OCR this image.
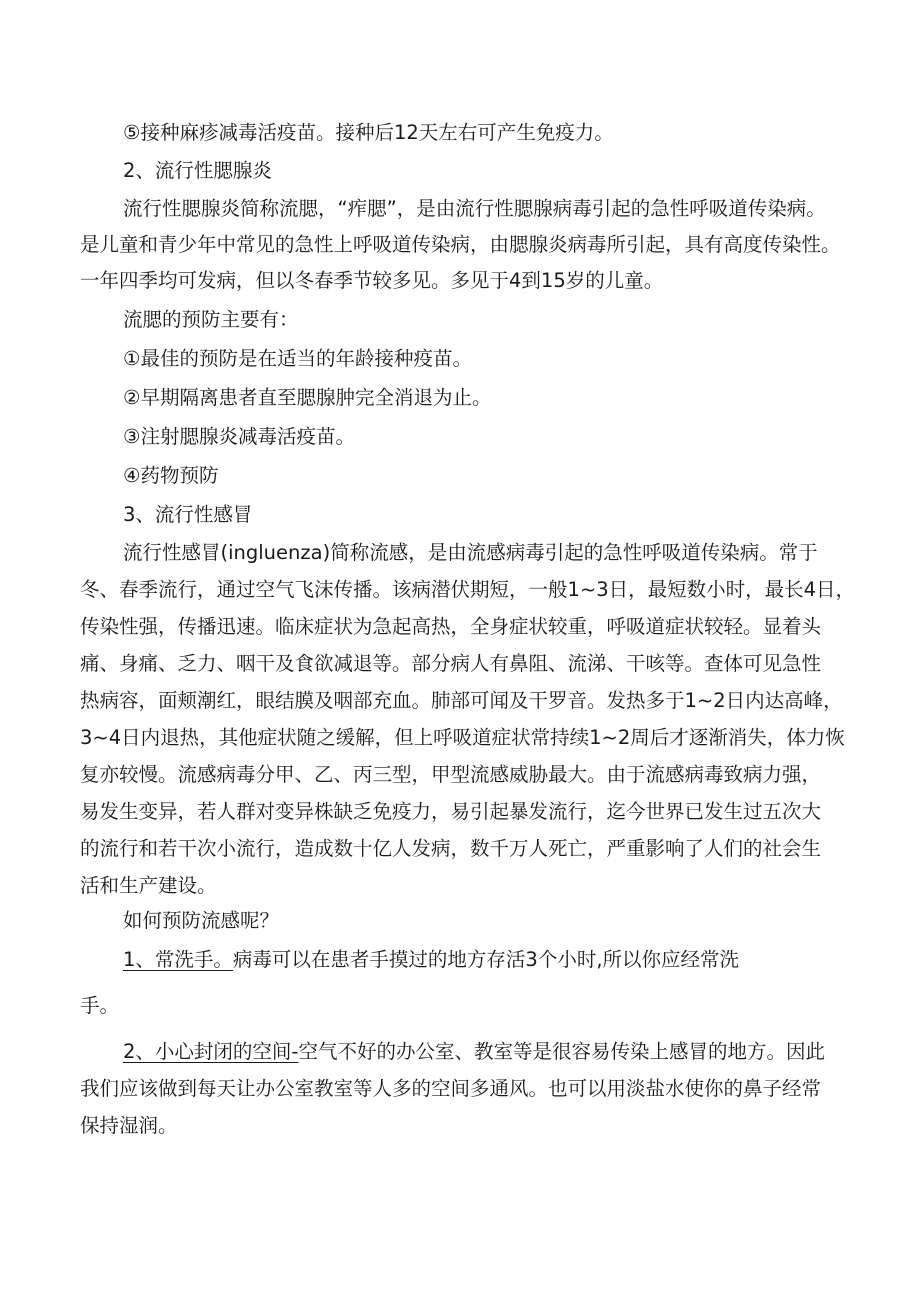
⑤接种麻疹减毒活疫苗。接种后12天左右可产生免疫力。

2、流行性腮腺炎

流行性腮腺炎简称流腮，“痄腮”，是由流行性腮腺病毒引起的急性呼吸道传染病。

是儿童和青少年中常见的急性上呼吸道传染病，由腮腺炎病毒所引起，具有高度传染性。

一年四季均可发病，但以冬春季节较多见。多见于4到15岁的儿童。

流腮的预防主要有：

①最佳的预防是在适当的年龄接种疫苗。

②早期隔离患者直至腮腺肿完全消退为止。

③注射腮腺炎减毒活疫苗。

④药物预防

3、流行性感冒

流行性感冒(ingluenza)简称流感，是由流感病毒引起的急性呼吸道传染病。常于

冬、春季流行，通过空气飞沫传播。该病潜伏期短，一般1~3日，最短数小时，最长4日，

传染性强，传播迅速。临床症状为急起高热，全身症状较重，呼吸道症状较轻。显着头

痛、身痛、乏力、咽干及食欲减退等。部分病人有鼻阻、流涕、干咳等。查体可见急性

热病容，面颊潮红，眼结膜及咽部充血。肺部可闻及干罗音。发热多于1~2日内达高峰，

3~4日内退热，其他症状随之缓解，但上呼吸道症状常持续1~2周后才逐渐消失，体力恢

复亦较慢。流感病毒分甲、乙、丙三型，甲型流感威胁最大。由于流感病毒致病力强，

易发生变异，若人群对变异株缺乏免疫力，易引起暴发流行，迄今世界已发生过五次大

的流行和若干次小流行，造成数十亿人发病，数千万人死亡，严重影响了人们的社会生

活和生产建设。

如何预防流感呢？

1、常洗手。病毒可以在患者手摸过的地方存活3个小时,所以你应经常洗

手。

2、小心封闭的空间-空气不好的办公室、教室等是很容易传染上感冒的地方。因此

我们应该做到每天让办公室教室等人多的空间多通风。也可以用淡盐水使你的鼻子经常

保持湿润。
